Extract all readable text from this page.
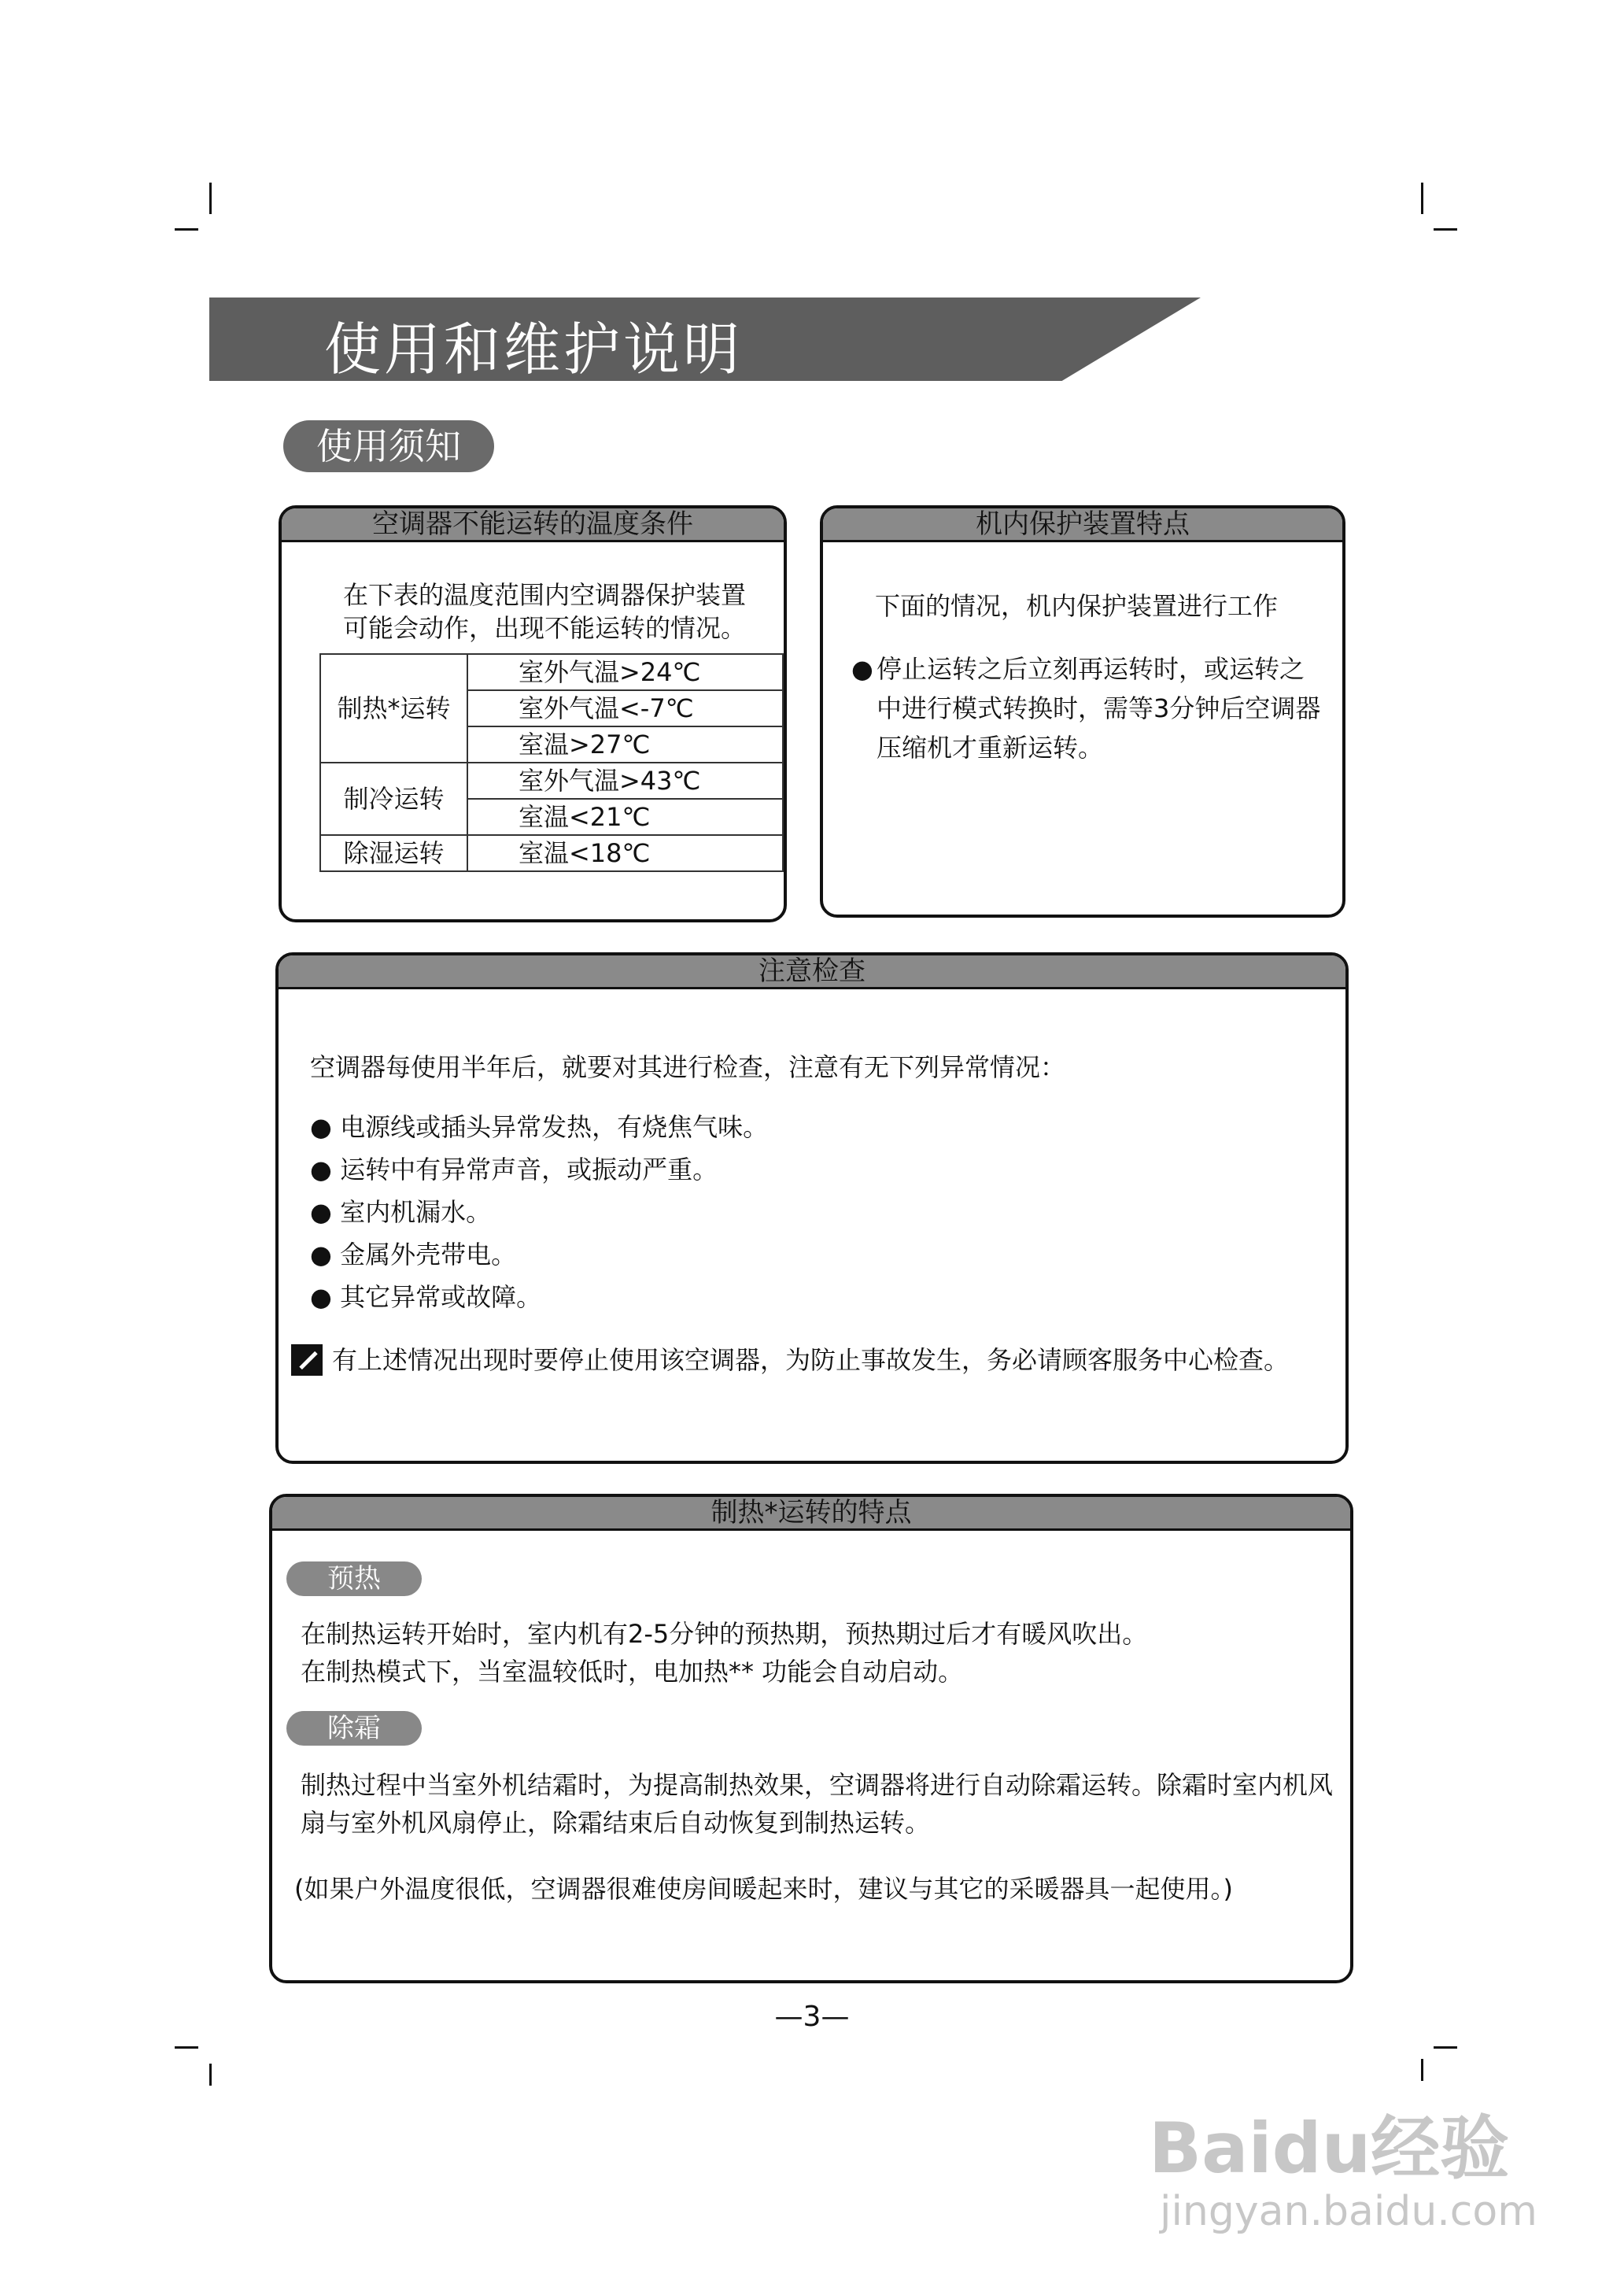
使用和维护说明
使用须知
空调器不能运转的温度条件
在下表的温度范围内空调器保护装置
可能会动作，出现不能运转的情况。
制热*运转	室外气温>24℃
	室外气温<-7℃
	室温>27℃
制冷运转	室外气温>43℃
	室温<21℃
除湿运转	室温<18℃
机内保护装置特点
下面的情况，机内保护装置进行工作
● 停止运转之后立刻再运转时，或运转之
中进行模式转换时，需等3分钟后空调器
压缩机才重新运转。
注意检查
空调器每使用半年后，就要对其进行检查，注意有无下列异常情况：
● 电源线或插头异常发热，有烧焦气味。
● 运转中有异常声音，或振动严重。
● 室内机漏水。
● 金属外壳带电。
● 其它异常或故障。
有上述情况出现时要停止使用该空调器，为防止事故发生，务必请顾客服务中心检查。
制热*运转的特点
预热
在制热运转开始时，室内机有2-5分钟的预热期，预热期过后才有暖风吹出。
在制热模式下，当室温较低时，电加热** 功能会自动启动。
除霜
制热过程中当室外机结霜时，为提高制热效果，空调器将进行自动除霜运转。除霜时室内机风
扇与室外机风扇停止，除霜结束后自动恢复到制热运转。
(如果户外温度很低，空调器很难使房间暖起来时，建议与其它的采暖器具一起使用。)
—3—
Baidu经验
jingyan.baidu.com
